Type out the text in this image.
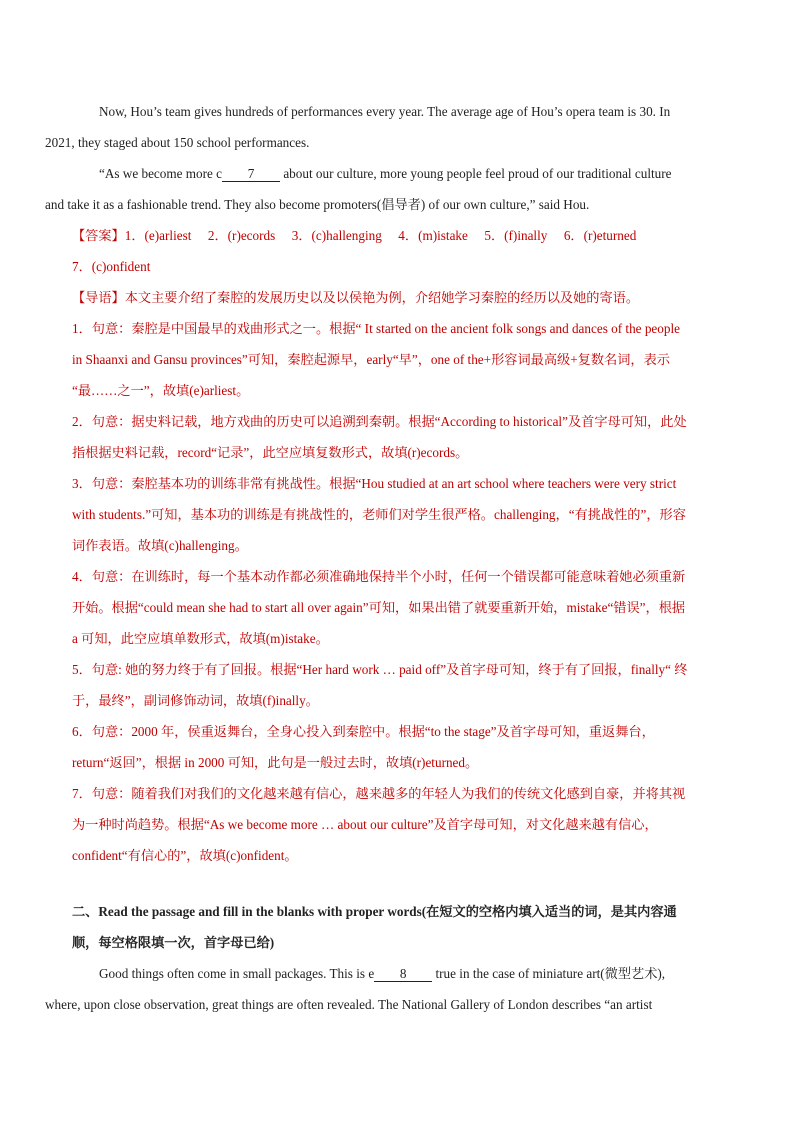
Now, Hou’s team gives hundreds of performances every year. The average age of Hou’s opera team is 30. In
2021, they staged about 150 school performances.

“As we become more c 7 about our culture, more young people feel proud of our traditional culture
and take it as a fashionable trend. They also become promoters(倡导者) of our own culture,” said Hou.

【答案】1．(e)arliest     2．(r)ecords     3．(c)hallenging     4．(m)istake     5．(f)inally     6．(r)eturned
7．(c)onfident

【导语】本文主要介绍了秦腔的发展历史以及以侯艳为例，介绍她学习秦腔的经历以及她的寄语。

1．句意：秦腔是中国最早的戏曲形式之一。根据“ It started on the ancient folk songs and dances of the people
in Shaanxi and Gansu provinces”可知，秦腔起源早，early“早”，one of the+形容词最高级+复数名词，表示
“最……之一”，故填(e)arliest。

2．句意：据史料记载，地方戏曲的历史可以追溯到秦朝。根据“According to historical”及首字母可知，此处
指根据史料记载，record“记录”，此空应填复数形式，故填(r)ecords。

3．句意：秦腔基本功的训练非常有挑战性。根据“Hou studied at an art school where teachers were very strict
with students.”可知，基本功的训练是有挑战性的，老师们对学生很严格。challenging，“有挑战性的”，形容
词作表语。故填(c)hallenging。

4．句意：在训练时，每一个基本动作都必须准确地保持半个小时，任何一个错误都可能意味着她必须重新
开始。根据“could mean she had to start all over again”可知，如果出错了就要重新开始，mistake“错误”，根据
a 可知，此空应填单数形式，故填(m)istake。

5．句意: 她的努力终于有了回报。根据“Her hard work … paid off”及首字母可知，终于有了回报，finally“ 终
于，最终”，副词修饰动词，故填(f)inally。

6．句意：2000 年，侯重返舞台，全身心投入到秦腔中。根据“to the stage”及首字母可知，重返舞台，
return“返回”，根据 in 2000 可知，此句是一般过去时，故填(r)eturned。

7．句意：随着我们对我们的文化越来越有信心，越来越多的年轻人为我们的传统文化感到自豪，并将其视
为一种时尚趋势。根据“As we become more … about our culture”及首字母可知，对文化越来越有信心，
confident“有信心的”，故填(c)onfident。

二、Read the passage and fill in the blanks with proper words(在短文的空格内填入适当的词，是其内容通
顺，每空格限填一次，首字母已给)

Good things often come in small packages. This is e 8 true in the case of miniature art(微型艺术),
where, upon close observation, great things are often revealed. The National Gallery of London describes “an artist
